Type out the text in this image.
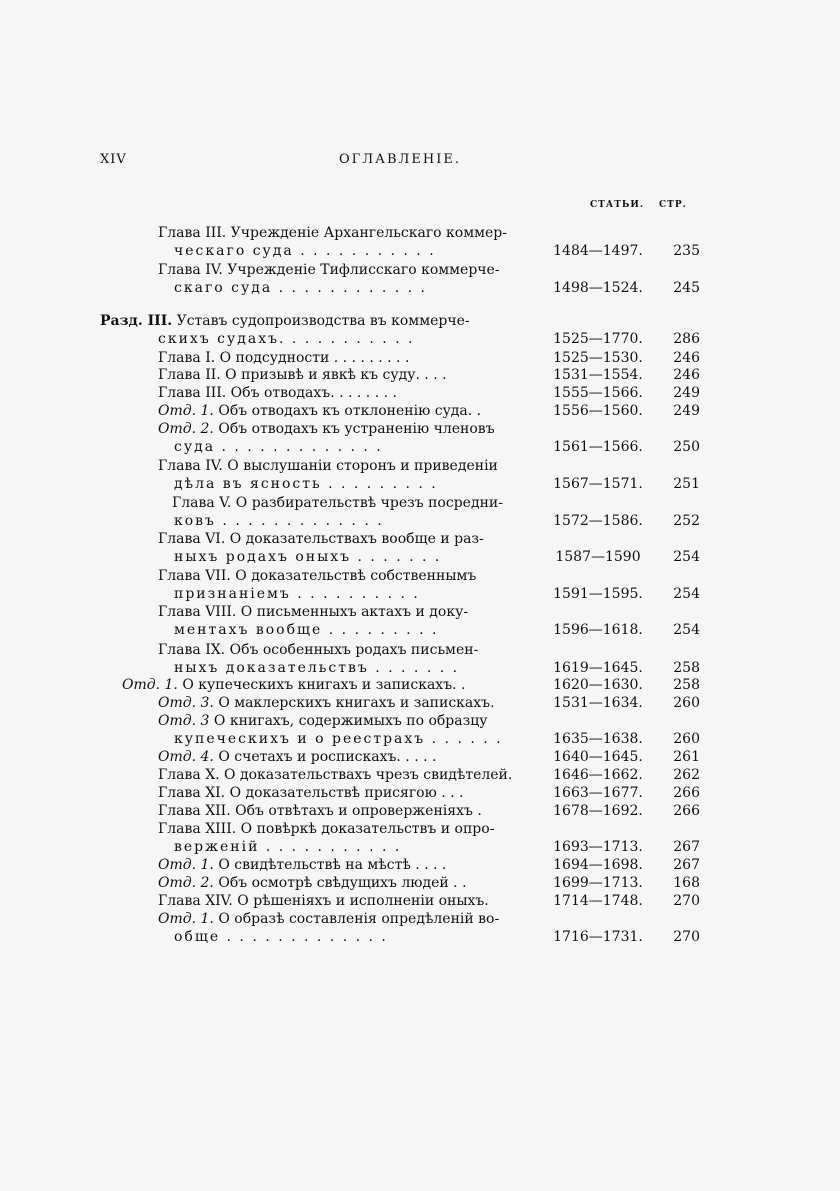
XIV	ОГЛАВЛЕНІЕ.
СТАТЬИ. СТР.
Глава III. Учрежденіе Архангельскаго коммер-
ческаго суда . . . . . . . . . . .	1484—1497.	235
Глава IV. Учрежденіе Тифлисскаго коммерче-
скаго суда . . . . . . . . . . . .	1498—1524.	245
Разд. III. Уставъ судопроизводства въ коммерче-
скихъ судахъ. . . . . . . . . . .	1525—1770.	286
Глава I. О подсудности . . . . . . . . .	1525—1530.	246
Глава II. О призывѣ и явкѣ къ суду. . . .	1531—1554.	246
Глава III. Объ отводахъ. . . . . . . .	1555—1566.	249
Отд. 1. Объ отводахъ къ отклоненію суда. .	1556—1560.	249
Отд. 2. Объ отводахъ къ устраненію членовъ
суда . . . . . . . . . . . . .	1561—1566.	250
Глава IV. О выслушаніи сторонъ и приведеніи
дѣла въ ясность . . . . . . . . .	1567—1571.	251
Глава V. О разбирательствѣ чрезъ посредни-
ковъ . . . . . . . . . . . . .	1572—1586.	252
Глава VI. О доказательствахъ вообще и раз-
ныхъ родахъ оныхъ . . . . . . .	1587—1590	254
Глава VII. О доказательствѣ собственнымъ
признаніемъ . . . . . . . . . .	1591—1595.	254
Глава VIII. О письменныхъ актахъ и доку-
ментахъ вообще . . . . . . . . .	1596—1618.	254
Глава IX. Объ особенныхъ родахъ письмен-
ныхъ доказательствъ . . . . . . .	1619—1645.	258
Отд. 1. О купеческихъ книгахъ и запискахъ. .	1620—1630.	258
Отд. 3. О маклерскихъ книгахъ и запискахъ.	1531—1634.	260
Отд. 3 О книгахъ, содержимыхъ по образцу
купеческихъ и о реестрахъ . . . . . .	1635—1638.	260
Отд. 4. О счетахъ и роспискахъ. . . . .	1640—1645.	261
Глава X. О доказательствахъ чрезъ свидѣтелей.	1646—1662.	262
Глава XI. О доказательствѣ присягою . . .	1663—1677.	266
Глава XII. Объ отвѣтахъ и опроверженіяхъ .	1678—1692.	266
Глава XIII. О повѣркѣ доказательствъ и опро-
верженій . . . . . . . . . . .	1693—1713.	267
Отд. 1. О свидѣтельствѣ на мѣстѣ . . . .	1694—1698.	267
Отд. 2. Объ осмотрѣ свѣдущихъ людей . .	1699—1713.	168
Глава XIV. О рѣшеніяхъ и исполненіи оныхъ.	1714—1748.	270
Отд. 1. О образѣ составленія опредѣленій во-
обще . . . . . . . . . . . . .	1716—1731.	270
